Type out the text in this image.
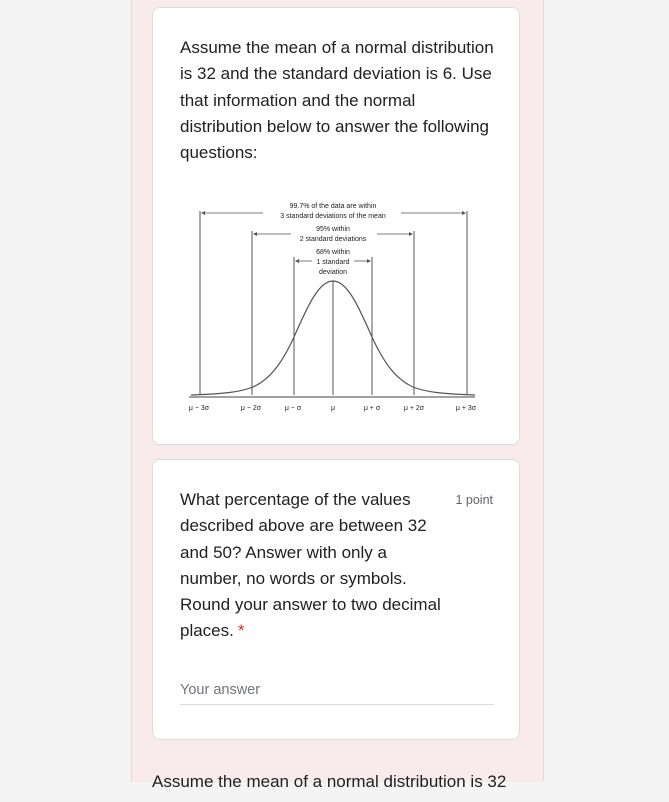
Assume the mean of a normal distribution is 32 and the standard deviation is 6. Use that information and the normal distribution below to answer the following questions:
99.7% of the data are within
3 standard deviations of the mean
95% within
2 standard deviations
68% within
1 standard
deviation
μ − 3σ	μ − 2σ	μ − σ	μ	μ + σ	μ + 2σ	μ + 3σ
What percentage of the values described above are between 32 and 50? Answer with only a number, no words or symbols. Round your answer to two decimal places. *
1 point
Your answer
Assume the mean of a normal distribution is 32
